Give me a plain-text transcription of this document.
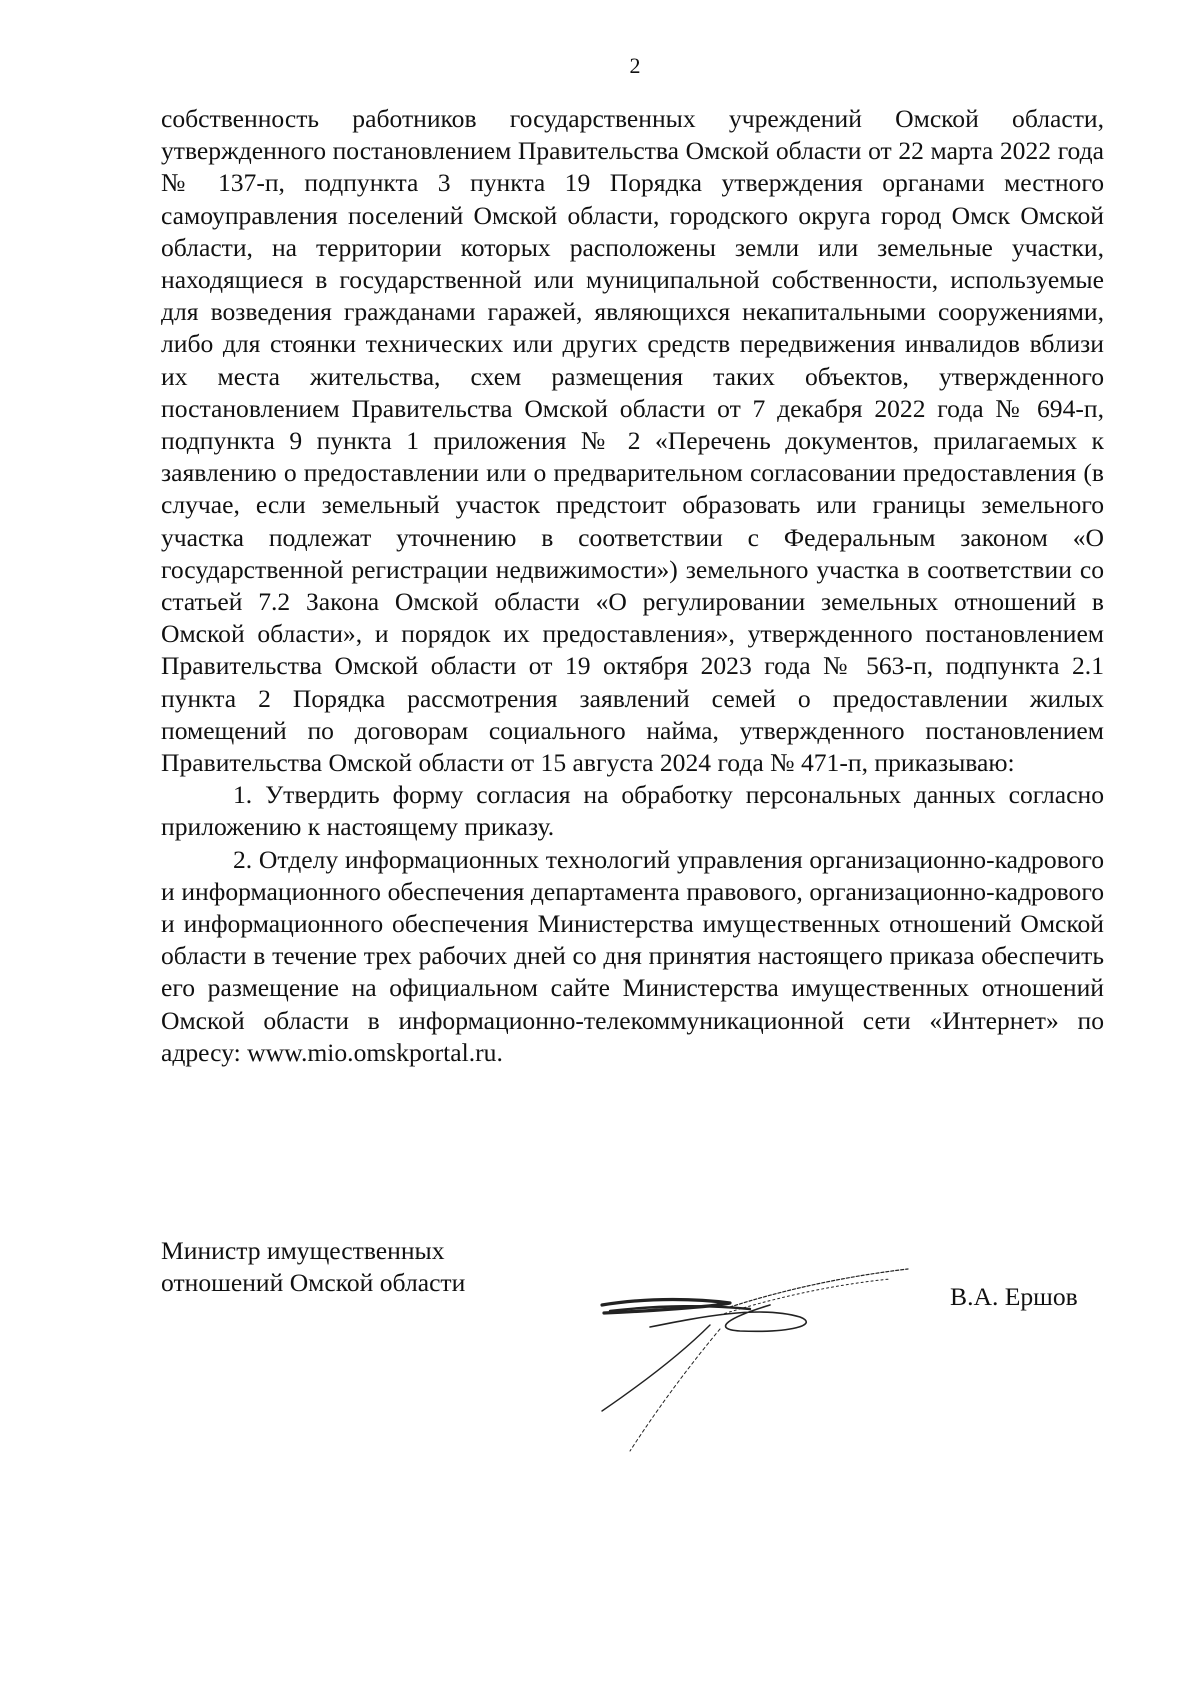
2

собственность работников государственных учреждений Омской области, утвержденного постановлением Правительства Омской области от 22 марта 2022 года № 137-п, подпункта 3 пункта 19 Порядка утверждения органами местного самоуправления поселений Омской области, городского округа город Омск Омской области, на территории которых расположены земли или земельные участки, находящиеся в государственной или муниципальной собственности, используемые для возведения гражданами гаражей, являющихся некапитальными сооружениями, либо для стоянки технических или других средств передвижения инвалидов вблизи их места жительства, схем размещения таких объектов, утвержденного постановлением Правительства Омской области от 7 декабря 2022 года № 694-п, подпункта 9 пункта 1 приложения № 2 «Перечень документов, прилагаемых к заявлению о предоставлении или о предварительном согласовании предоставления (в случае, если земельный участок предстоит образовать или границы земельного участка подлежат уточнению в соответствии с Федеральным законом «О государственной регистрации недвижимости») земельного участка в соответствии со статьей 7.2 Закона Омской области «О регулировании земельных отношений в Омской области», и порядок их предоставления», утвержденного постановлением Правительства Омской области от 19 октября 2023 года № 563-п, подпункта 2.1 пункта 2 Порядка рассмотрения заявлений семей о предоставлении жилых помещений по договорам социального найма, утвержденного постановлением Правительства Омской области от 15 августа 2024 года № 471-п, приказываю:

1. Утвердить форму согласия на обработку персональных данных согласно приложению к настоящему приказу.

2. Отделу информационных технологий управления организационно-кадрового и информационного обеспечения департамента правового, организационно-кадрового и информационного обеспечения Министерства имущественных отношений Омской области в течение трех рабочих дней со дня принятия настоящего приказа обеспечить его размещение на официальном сайте Министерства имущественных отношений Омской области в информационно-телекоммуникационной сети «Интернет» по адресу: www.mio.omskportal.ru.

Министр имущественных
отношений Омской области	В.А. Ершов
